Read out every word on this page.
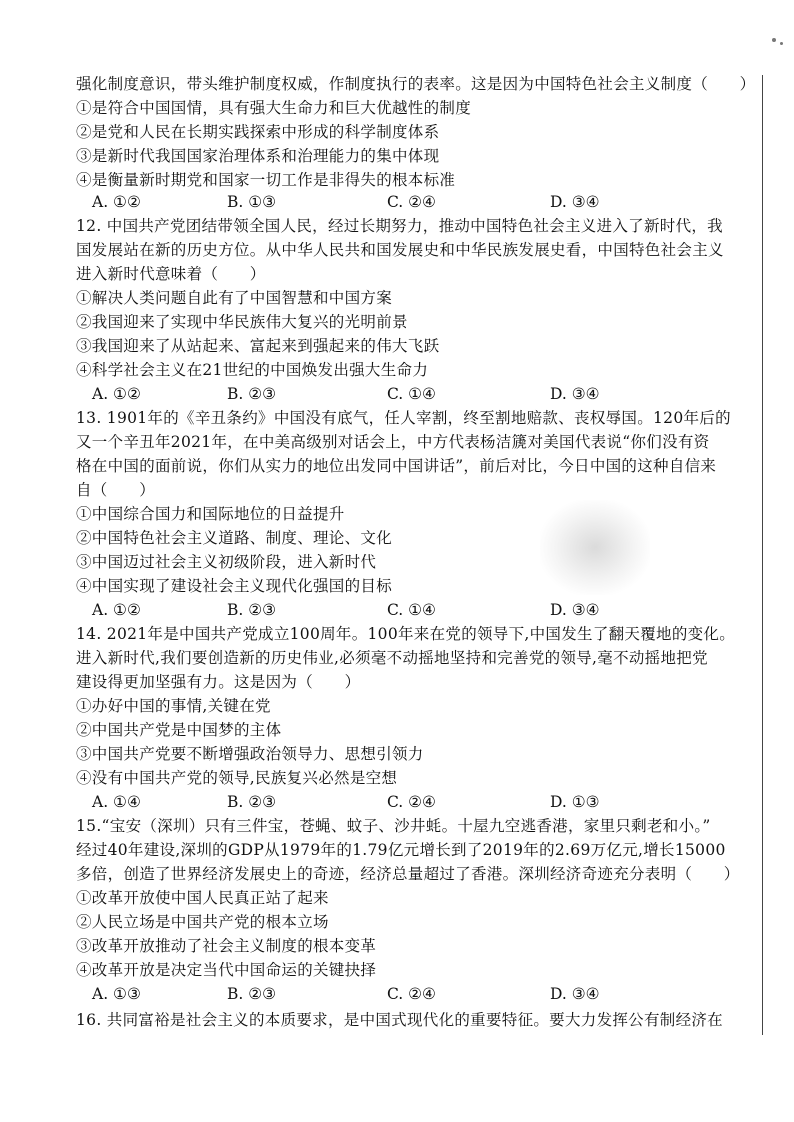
强化制度意识，带头维护制度权威，作制度执行的表率。这是因为中国特色社会主义制度（　　）
①是符合中国国情，具有强大生命力和巨大优越性的制度
②是党和人民在长期实践探索中形成的科学制度体系
③是新时代我国国家治理体系和治理能力的集中体现
④是衡量新时期党和国家一切工作是非得失的根本标准
A. ①②	B. ①③	C. ②④	D. ③④
12. 中国共产党团结带领全国人民，经过长期努力，推动中国特色社会主义进入了新时代，我
国发展站在新的历史方位。从中华人民共和国发展史和中华民族发展史看，中国特色社会主义
进入新时代意味着（　　）
①解决人类问题自此有了中国智慧和中国方案
②我国迎来了实现中华民族伟大复兴的光明前景
③我国迎来了从站起来、富起来到强起来的伟大飞跃
④科学社会主义在21世纪的中国焕发出强大生命力
A. ①②	B. ②③	C. ①④	D. ③④
13. 1901年的《辛丑条约》中国没有底气，任人宰割，终至割地赔款、丧权辱国。120年后的
又一个辛丑年2021年，在中美高级别对话会上，中方代表杨洁篪对美国代表说“你们没有资
格在中国的面前说，你们从实力的地位出发同中国讲话”，前后对比，今日中国的这种自信来
自（　　）
①中国综合国力和国际地位的日益提升
②中国特色社会主义道路、制度、理论、文化
③中国迈过社会主义初级阶段，进入新时代
④中国实现了建设社会主义现代化强国的目标
A. ①②	B. ②③	C. ①④	D. ③④
14. 2021年是中国共产党成立100周年。100年来在党的领导下,中国发生了翻天覆地的变化。
进入新时代,我们要创造新的历史伟业,必须毫不动摇地坚持和完善党的领导,毫不动摇地把党
建设得更加坚强有力。这是因为（　　）
①办好中国的事情,关键在党
②中国共产党是中国梦的主体
③中国共产党要不断增强政治领导力、思想引领力
④没有中国共产党的领导,民族复兴必然是空想
A. ①④	B. ②③	C. ②④	D. ①③
15.“宝安（深圳）只有三件宝，苍蝇、蚊子、沙井蚝。十屋九空逃香港，家里只剩老和小。”
经过40年建设,深圳的GDP从1979年的1.79亿元增长到了2019年的2.69万亿元,增长15000
多倍，创造了世界经济发展史上的奇迹，经济总量超过了香港。深圳经济奇迹充分表明（　　）
①改革开放使中国人民真正站了起来
②人民立场是中国共产党的根本立场
③改革开放推动了社会主义制度的根本变革
④改革开放是决定当代中国命运的关键抉择
A. ①③	B. ②③	C. ②④	D. ③④
16. 共同富裕是社会主义的本质要求，是中国式现代化的重要特征。要大力发挥公有制经济在
